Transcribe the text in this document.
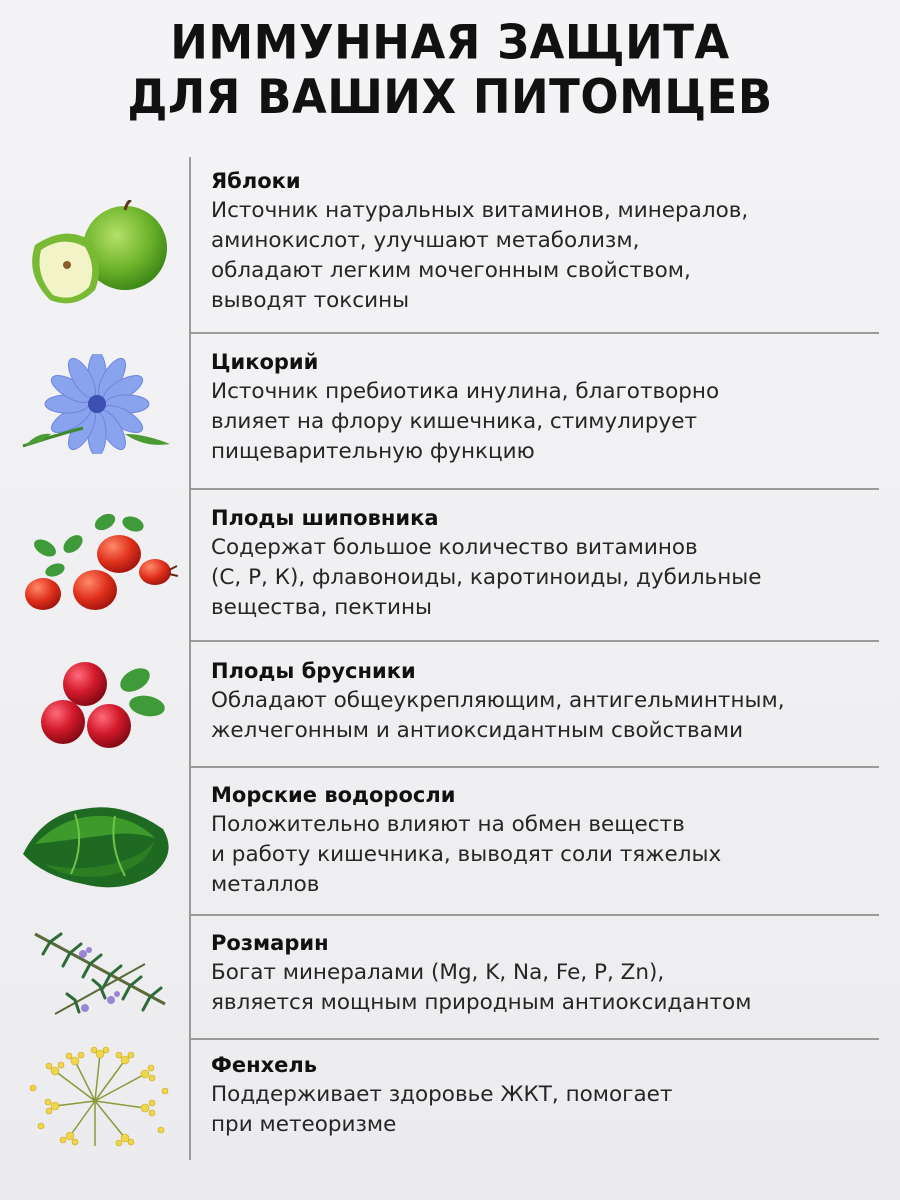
ИММУННАЯ ЗАЩИТА
ДЛЯ ВАШИХ ПИТОМЦЕВ
Яблоки
Источник натуральных витаминов, минералов,
аминокислот, улучшают метаболизм,
обладают легким мочегонным свойством,
выводят токсины
Цикорий
Источник пребиотика инулина, благотворно
влияет на флору кишечника, стимулирует
пищеварительную функцию
Плоды шиповника
Содержат большое количество витаминов
(С, Р, К), флавоноиды, каротиноиды, дубильные
вещества, пектины
Плоды брусники
Обладают общеукрепляющим, антигельминтным,
желчегонным и антиоксидантным свойствами
Морские водоросли
Положительно влияют на обмен веществ
и работу кишечника, выводят соли тяжелых
металлов
Розмарин
Богат минералами (Mg, K, Na, Fe, P, Zn),
является мощным природным антиоксидантом
Фенхель
Поддерживает здоровье ЖКТ, помогает
при метеоризме
